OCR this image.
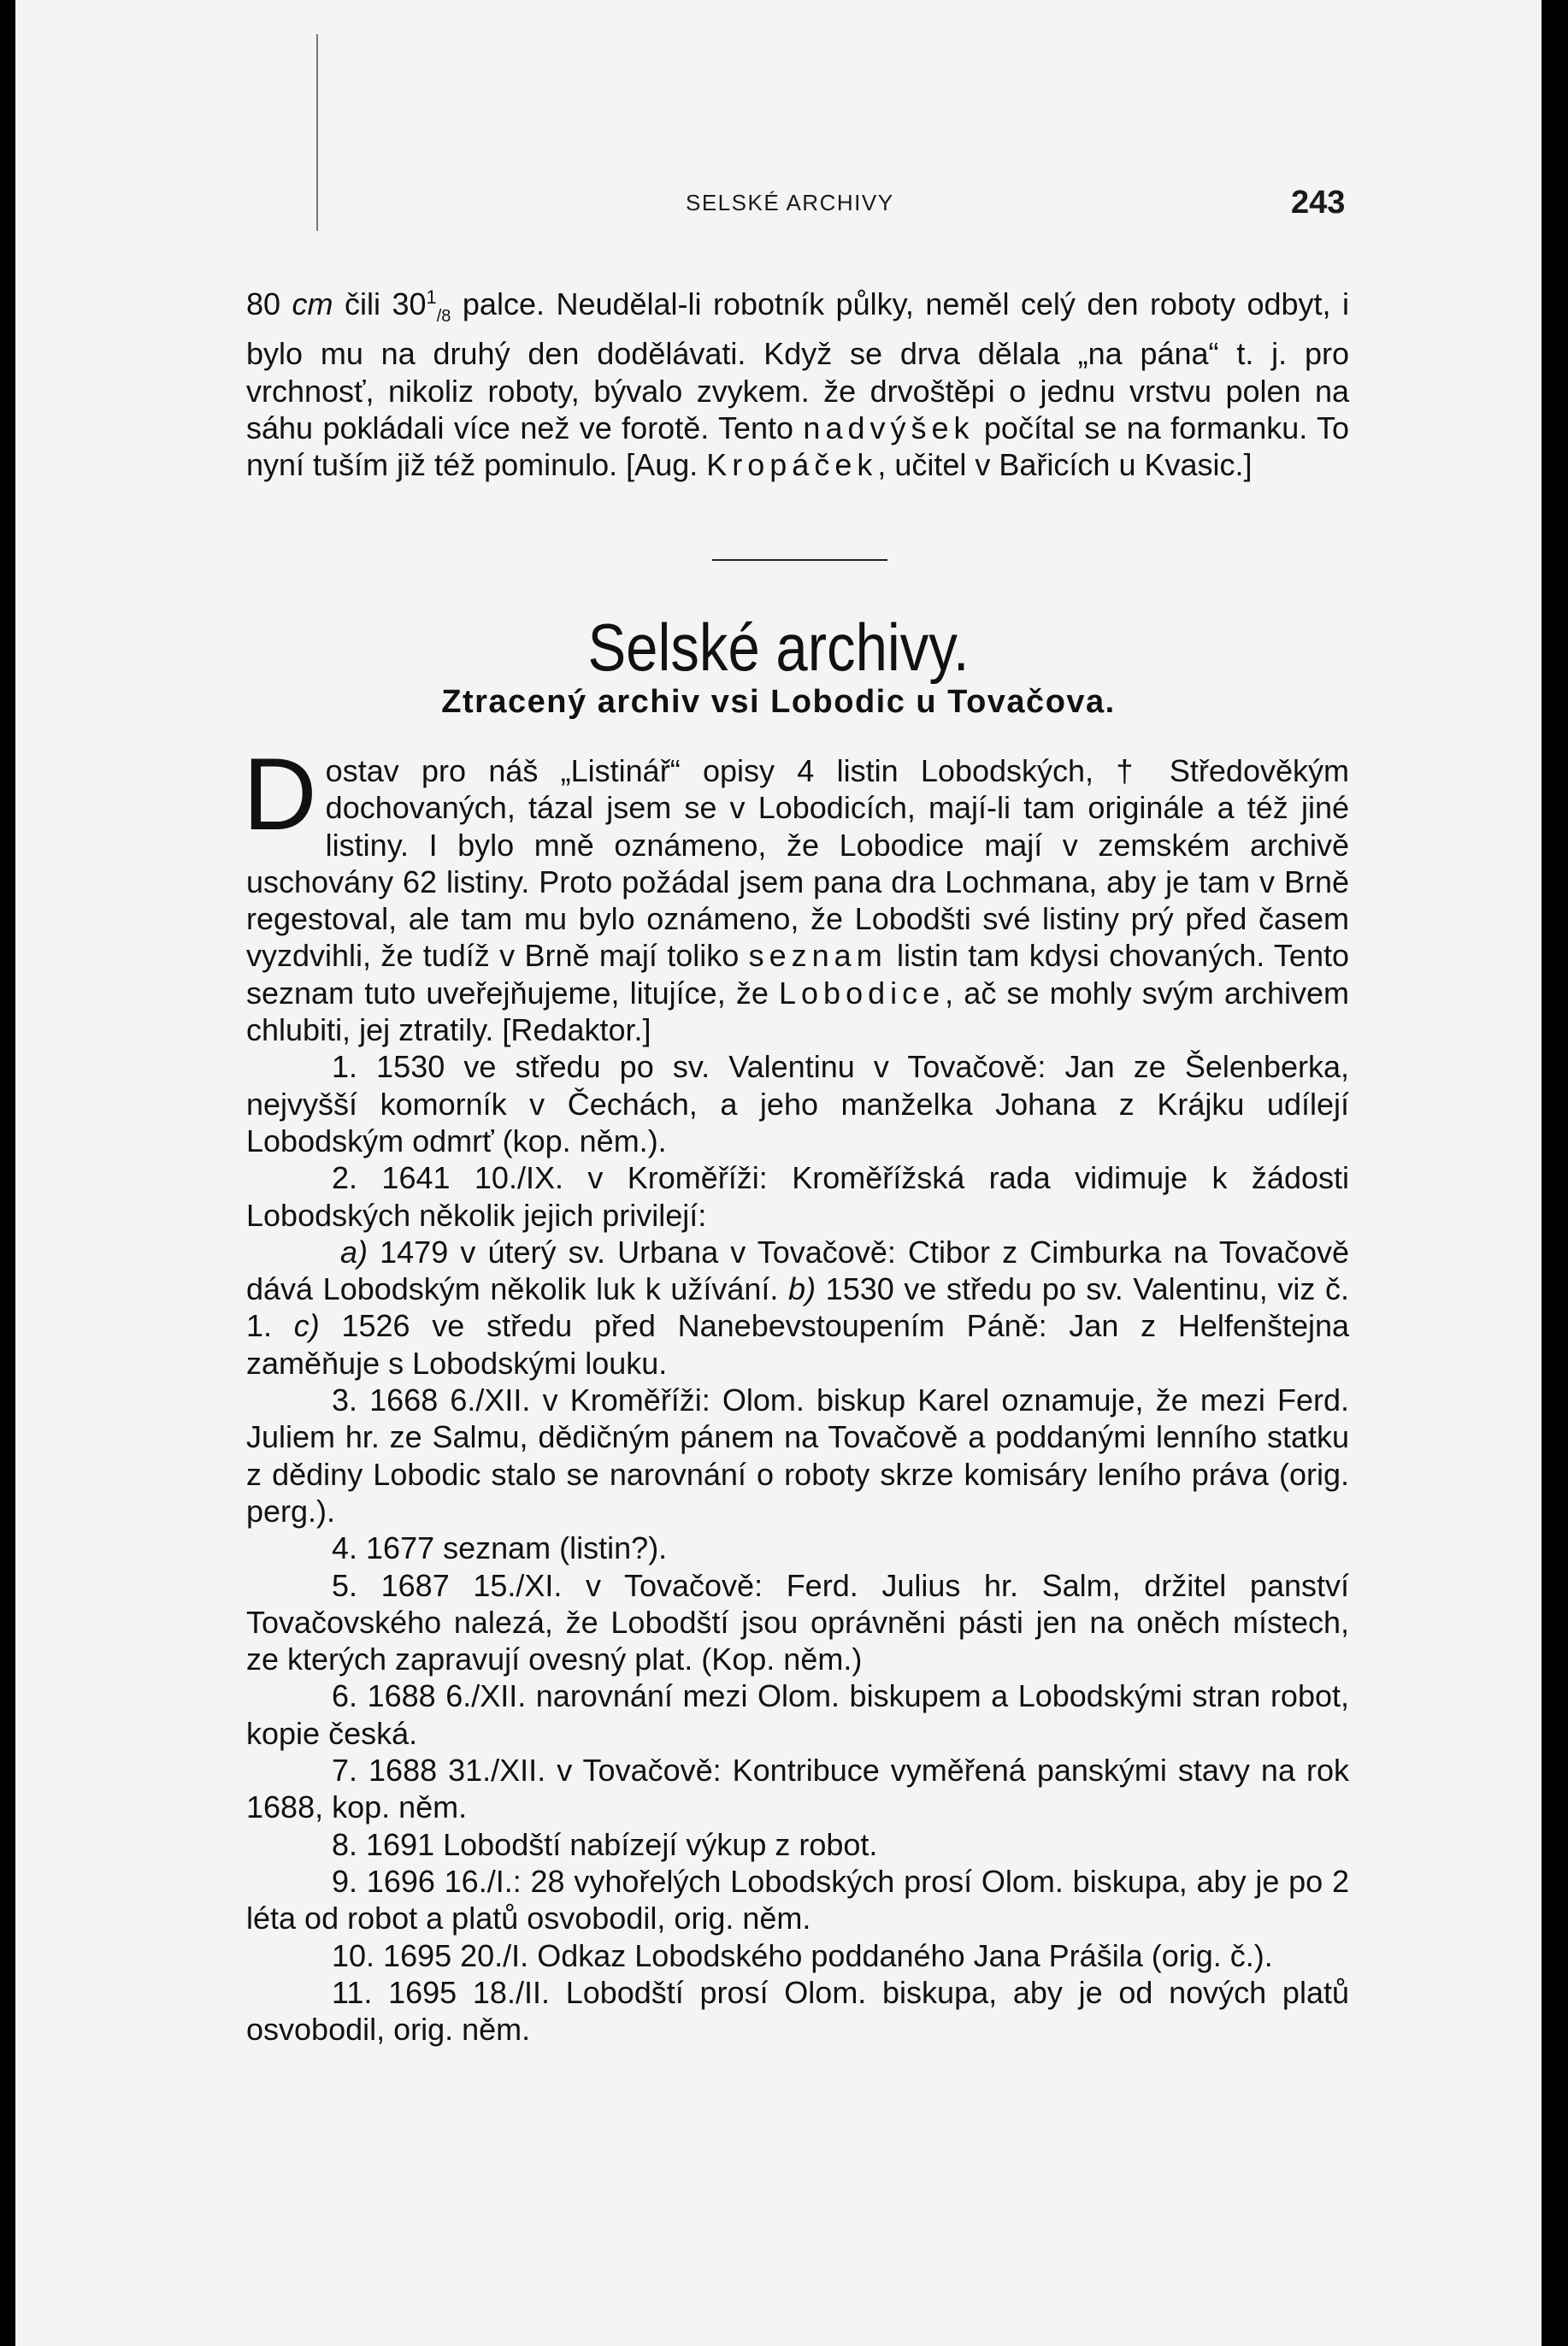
SELSKÉ ARCHIVY	243

80 cm čili $30^1_{/8}$ palce. Neudělal-li robotník půlky, neměl celý den roboty odbyt, i bylo mu na druhý den dodělávati. Když se drva dělala „na pána“ t. j. pro vrchnosť, nikoliz roboty, bývalo zvykem. že drvoštěpi o jednu vrstvu polen na sáhu pokládali více než ve forotě. Tento nadvýšek počítal se na formanku. To nyní tuším již též pominulo. [Aug. Kropáček, učitel v Bařicích u Kvasic.]

Selské archivy.
Ztracený archiv vsi Lobodic u Tovačova.

Dostav pro náš „Listinář“ opisy 4 listin Lobodských, † Středověkým dochovaných, tázal jsem se v Lobodicích, mají-li tam originále a též jiné listiny. I bylo mně oznámeno, že Lobodice mají v zemském archivě uschovány 62 listiny. Proto požádal jsem pana dra Lochmana, aby je tam v Brně regestoval, ale tam mu bylo oznámeno, že Lobodšti své listiny prý před časem vyzdvihli, že tudíž v Brně mají toliko seznam listin tam kdysi chovaných. Tento seznam tuto uveřejňujeme, litujíce, že Lobodice, ač se mohly svým archivem chlubiti, jej ztratily. [Redaktor.]

1. 1530 ve středu po sv. Valentinu v Tovačově: Jan ze Šelenberka, nejvyšší komorník v Čechách, a jeho manželka Johana z Krájku udílejí Lobodským odmrť (kop. něm.).

2. 1641 10./IX. v Kroměříži: Kroměřížská rada vidimuje k žádosti Lobodských několik jejich privilejí:

a) 1479 v úterý sv. Urbana v Tovačově: Ctibor z Cimburka na Tovačově dává Lobodským několik luk k užívání. b) 1530 ve středu po sv. Valentinu, viz č. 1. c) 1526 ve středu před Nanebevstoupením Páně: Jan z Helfenštejna zaměňuje s Lobodskými louku.

3. 1668 6./XII. v Kroměříži: Olom. biskup Karel oznamuje, že mezi Ferd. Juliem hr. ze Salmu, dědičným pánem na Tovačově a poddanými lenního statku z dědiny Lobodic stalo se narovnání o roboty skrze komisáry leního práva (orig. perg.).

4. 1677 seznam (listin?).

5. 1687 15./XI. v Tovačově: Ferd. Julius hr. Salm, držitel panství Tovačovského nalezá, že Lobodští jsou oprávněni pásti jen na oněch místech, ze kterých zapravují ovesný plat. (Kop. něm.)

6. 1688 6./XII. narovnání mezi Olom. biskupem a Lobodskými stran robot, kopie česká.

7. 1688 31./XII. v Tovačově: Kontribuce vyměřená panskými stavy na rok 1688, kop. něm.

8. 1691 Lobodští nabízejí výkup z robot.

9. 1696 16./I.: 28 vyhořelých Lobodských prosí Olom. biskupa, aby je po 2 léta od robot a platů osvobodil, orig. něm.

10. 1695 20./I. Odkaz Lobodského poddaného Jana Prášila (orig. č.).

11. 1695 18./II. Lobodští prosí Olom. biskupa, aby je od nových platů osvobodil, orig. něm.
